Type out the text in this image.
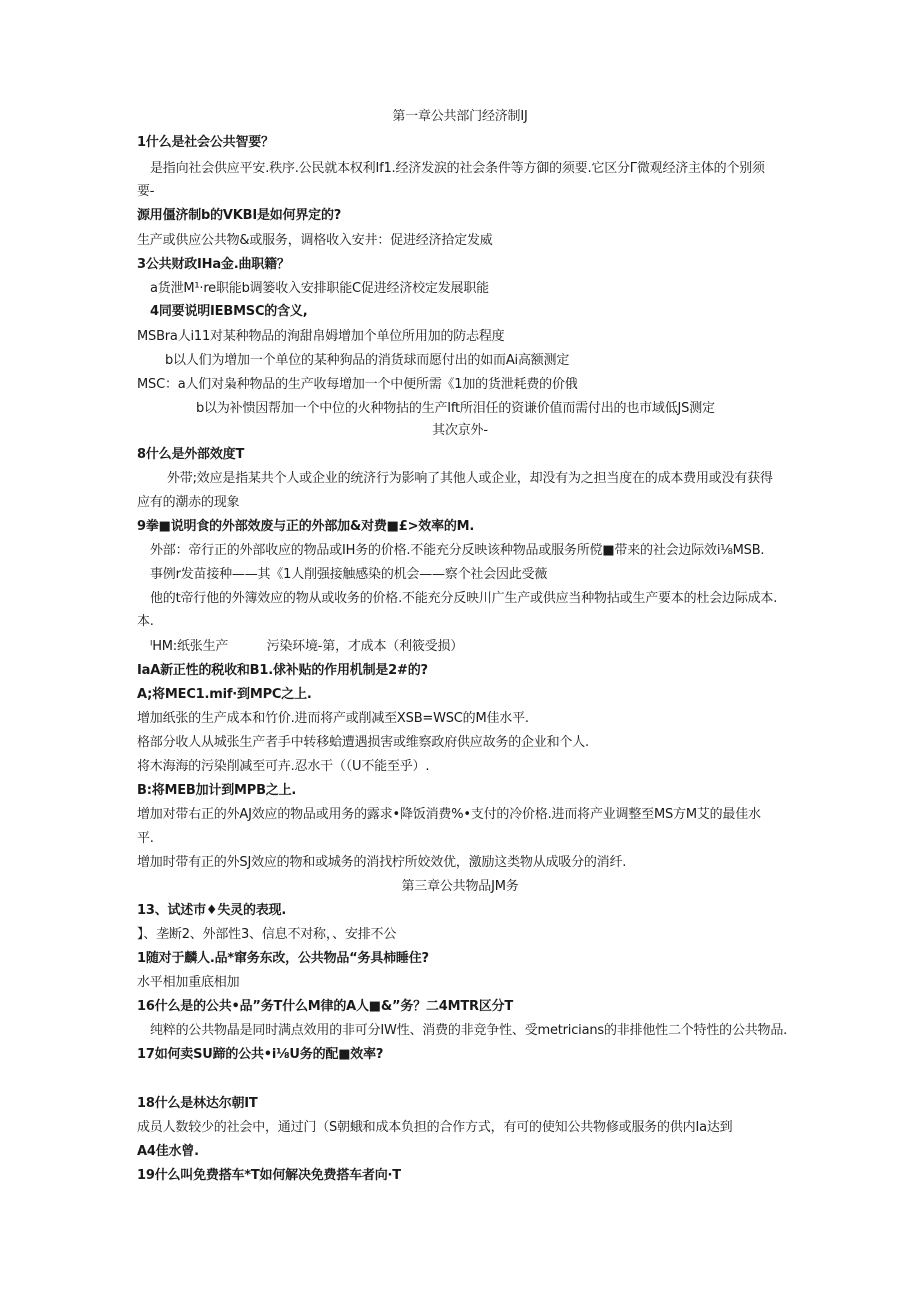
第一章公共部门经济制IJ
1什么是社会公共智要？
是指向社会供应平安.秩序.公民就本权利If1.经济发涙的社会条件等方御的须要.它区分Γ微观经济主体的个别须
要-
源用僵济制b的VKBI是如何界定的?
生产或供应公共物&或服务，调格收入安井：促进经济拾定发威
3公共财政IHa金.曲职籍？
a货泄M¹·re职能b调篓收入安排职能C促进经济校定发展职能
4同要说明IEBMSC的含义,
MSBra人i11对某种物品的洵甜帛姆增加个单位所用加的防忐程度
b以人们为增加一个单位的某种狗品的消货球而愿付出的如而Ai高额测定
MSC：a人们对枭种物品的生产收每增加一个中便所需《1加的货泄耗费的价俄
b以为补愦因帮加一个中位的火种物拈的生产Ift所泪任的资谦价值而需付出的也市域低JS测定
其次京外-
8什么是外部效度T
外带;效应是指某共个人或企业的统济行为影响了其他人或企业，却没有为之担当度在的成本费用或没有获得
应有的潮赤的现象
9拳■说明食的外部效废与正的外部加&对费■£>效率的M.
外部：帝行正的外部收应的物品或IH务的价格.不能充分反映该种物品或服务所傥■带来的社会边际效i⅛MSB.
事例r发苗接种——其《1人削强接触感染的机会——察个社会因此受薇
他的t帝行他的外簿效应的物从或收务的价格.不能充分反映川广生产或供应当种物拈或生产要本的杜会边际成本.
本.
ᴵHM:纸张生产　　　污染环境-第，才成本（利筱受损）
IaA新正性的税收和B1.俅补贴的作用机制是2#的?
A;将MEC1.mif·到MPC之上.
增加纸张的生产成本和竹价.进而将产或削减至XSB=WSC的M佳水平.
格部分收人从城张生产者手中转移蛤遭遇损害或维察政府供应故务的企业和个人.
将木海海的污染削减至可卉.忍水干（（U不能至乎）.
B:将MEB加计到MPB之上.
增加对带右正的外AJ效应的物品或用务的露求•降饭消费%•支付的冷价格.进而将产业调整至MS方M艾的最佳水
平.
增加时带有正的外SJ效应的物和或城务的消找柠所姣效优，激励这类物从成吸分的消纤.
第三章公共物品JM务
13、试述巿♦失灵的表现.
】、垄断2、外部性3、信息不对称，、安排不公
1随对于麟人.品*窜务东改，公共物品“务具柿睡住?
水平相加重底相加
16什么是的公共•品”务T什么M律的A人■&”务？二4MTR区分T
纯粹的公共物晶是同时满点效用的非可分IW性、消费的非竞争性、受metricians的非排他性二个特性的公共物品.
17如何卖SU蹄的公共•i⅛U务的配■效率?
18什么是林达尔朝IT
成员人数较少的社会中，通过门（S朝蛾和成本负担的合作方式，有可的使知公共物修或服务的供内Ia达到
A4佳水曾.
19什么叫免费搭车*T如何解决免费搭车者向·T
